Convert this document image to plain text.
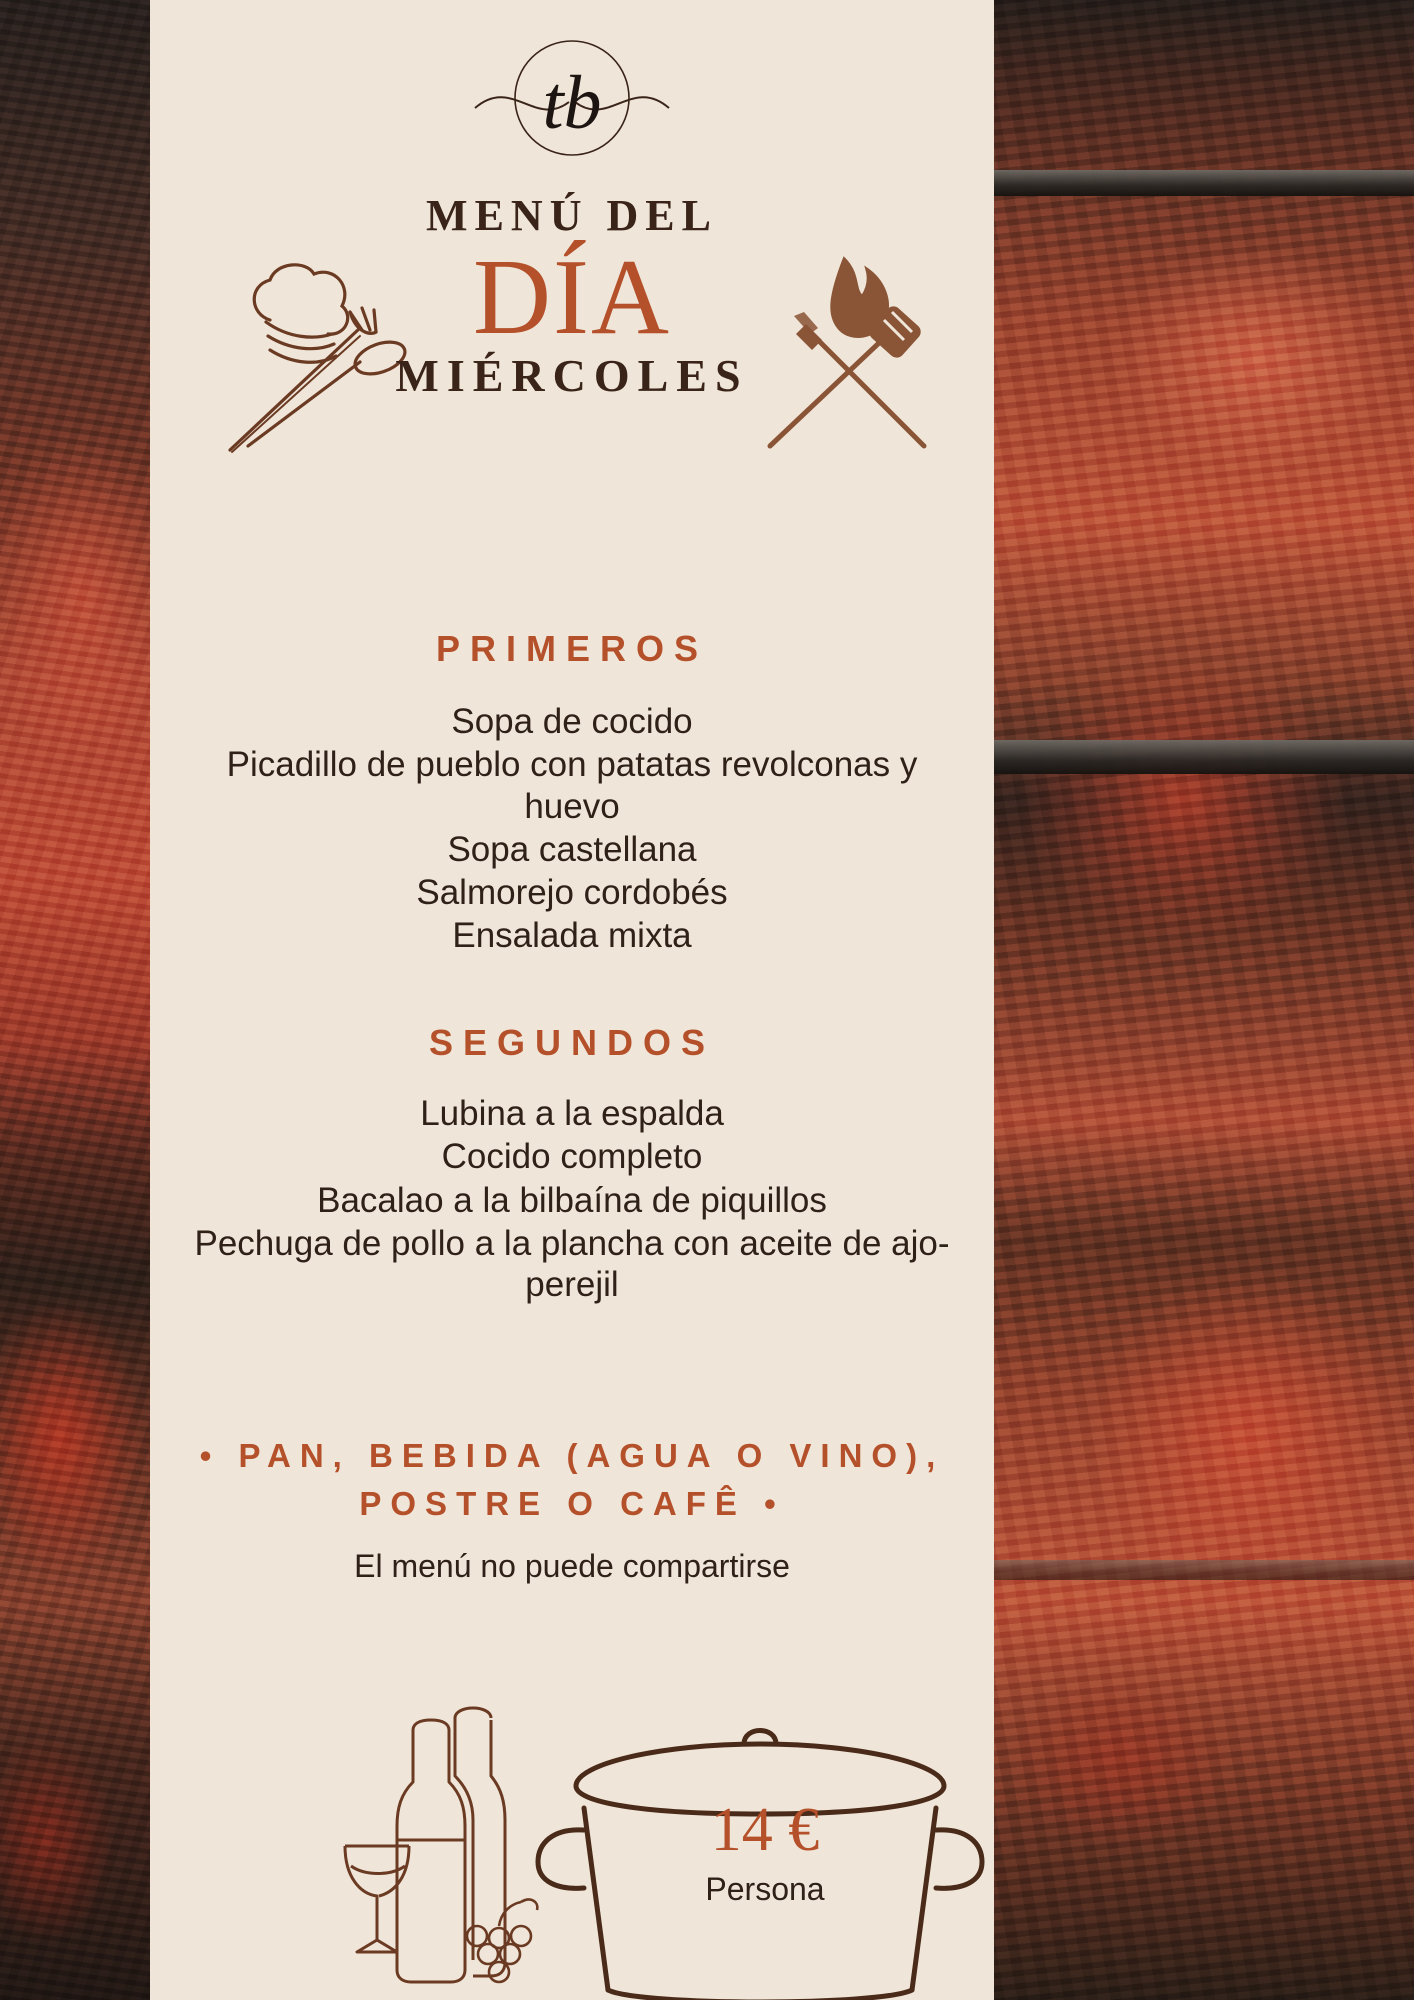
tb
MENÚ DEL
DÍA
MIÉRCOLES
PRIMEROS
Sopa de cocido
Picadillo de pueblo con patatas revolconas y huevo
Sopa castellana
Salmorejo cordobés
Ensalada mixta
SEGUNDOS
Lubina a la espalda
Cocido completo
Bacalao a la bilbaína de piquillos
Pechuga de pollo a la plancha con aceite de ajo-perejil
• PAN, BEBIDA (AGUA O VINO), POSTRE O CAFÊ •
El menú no puede compartirse
14 €
Persona
